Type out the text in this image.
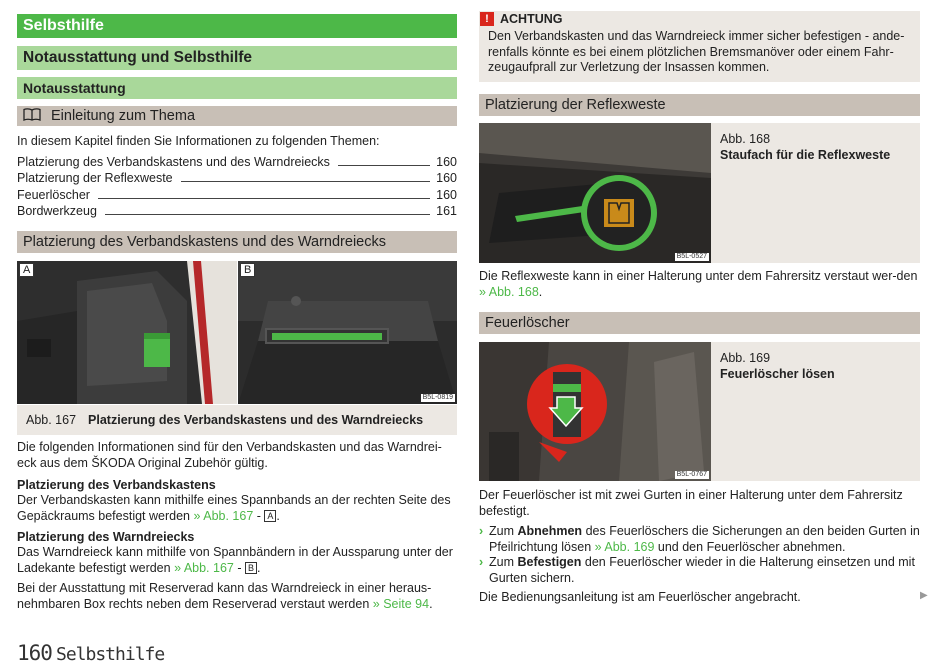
Selbsthilfe
Notausstattung und Selbsthilfe
Notausstattung
Einleitung zum Thema

In diesem Kapitel finden Sie Informationen zu folgenden Themen:

Platzierung des Verbandskastens und des Warndreiecks	160
Platzierung der Reflexweste	160
Feuerlöscher	160
Bordwerkzeug	161
Platzierung des Verbandskastens und des Warndreiecks
A	B
B5L-0819
Abb. 167 Platzierung des Verbandskastens und des Warndreiecks

Die folgenden Informationen sind für den Verbandskasten und das Warndrei-eck aus dem ŠKODA Original Zubehör gültig.

Platzierung des Verbandskastens

Der Verbandskasten kann mithilfe eines Spannbands an der rechten Seite des Gepäckraums befestigt werden » Abb. 167 - A .

Platzierung des Warndreiecks

Das Warndreieck kann mithilfe von Spannbändern in der Aussparung unter der Ladekante befestigt werden » Abb. 167 - B .

Bei der Ausstattung mit Reserverad kann das Warndreieck in einer heraus-nehmbaren Box rechts neben dem Reserverad verstaut werden » Seite 94.

160 Selbsthilfe
! ACHTUNG

Den Verbandskasten und das Warndreieck immer sicher befestigen - ande-renfalls könnte es bei einem plötzlichen Bremsmanöver oder einem Fahr-zeugaufprall zur Verletzung der Insassen kommen.

Platzierung der Reflexweste
B5L-0527

Abb. 168

Staufach für die Reflexweste

Die Reflexweste kann in einer Halterung unter dem Fahrersitz verstaut wer-den » Abb. 168.

Feuerlöscher
B5L-0767

Abb. 169

Feuerlöscher lösen

Der Feuerlöscher ist mit zwei Gurten in einer Halterung unter dem Fahrersitz befestigt.

› Zum Abnehmen des Feuerlöschers die Sicherungen an den beiden Gurten in Pfeilrichtung lösen » Abb. 169 und den Feuerlöscher abnehmen.

› Zum Befestigen den Feuerlöscher wieder in die Halterung einsetzen und mit Gurten sichern.

Die Bedienungsanleitung ist am Feuerlöscher angebracht.	▶
